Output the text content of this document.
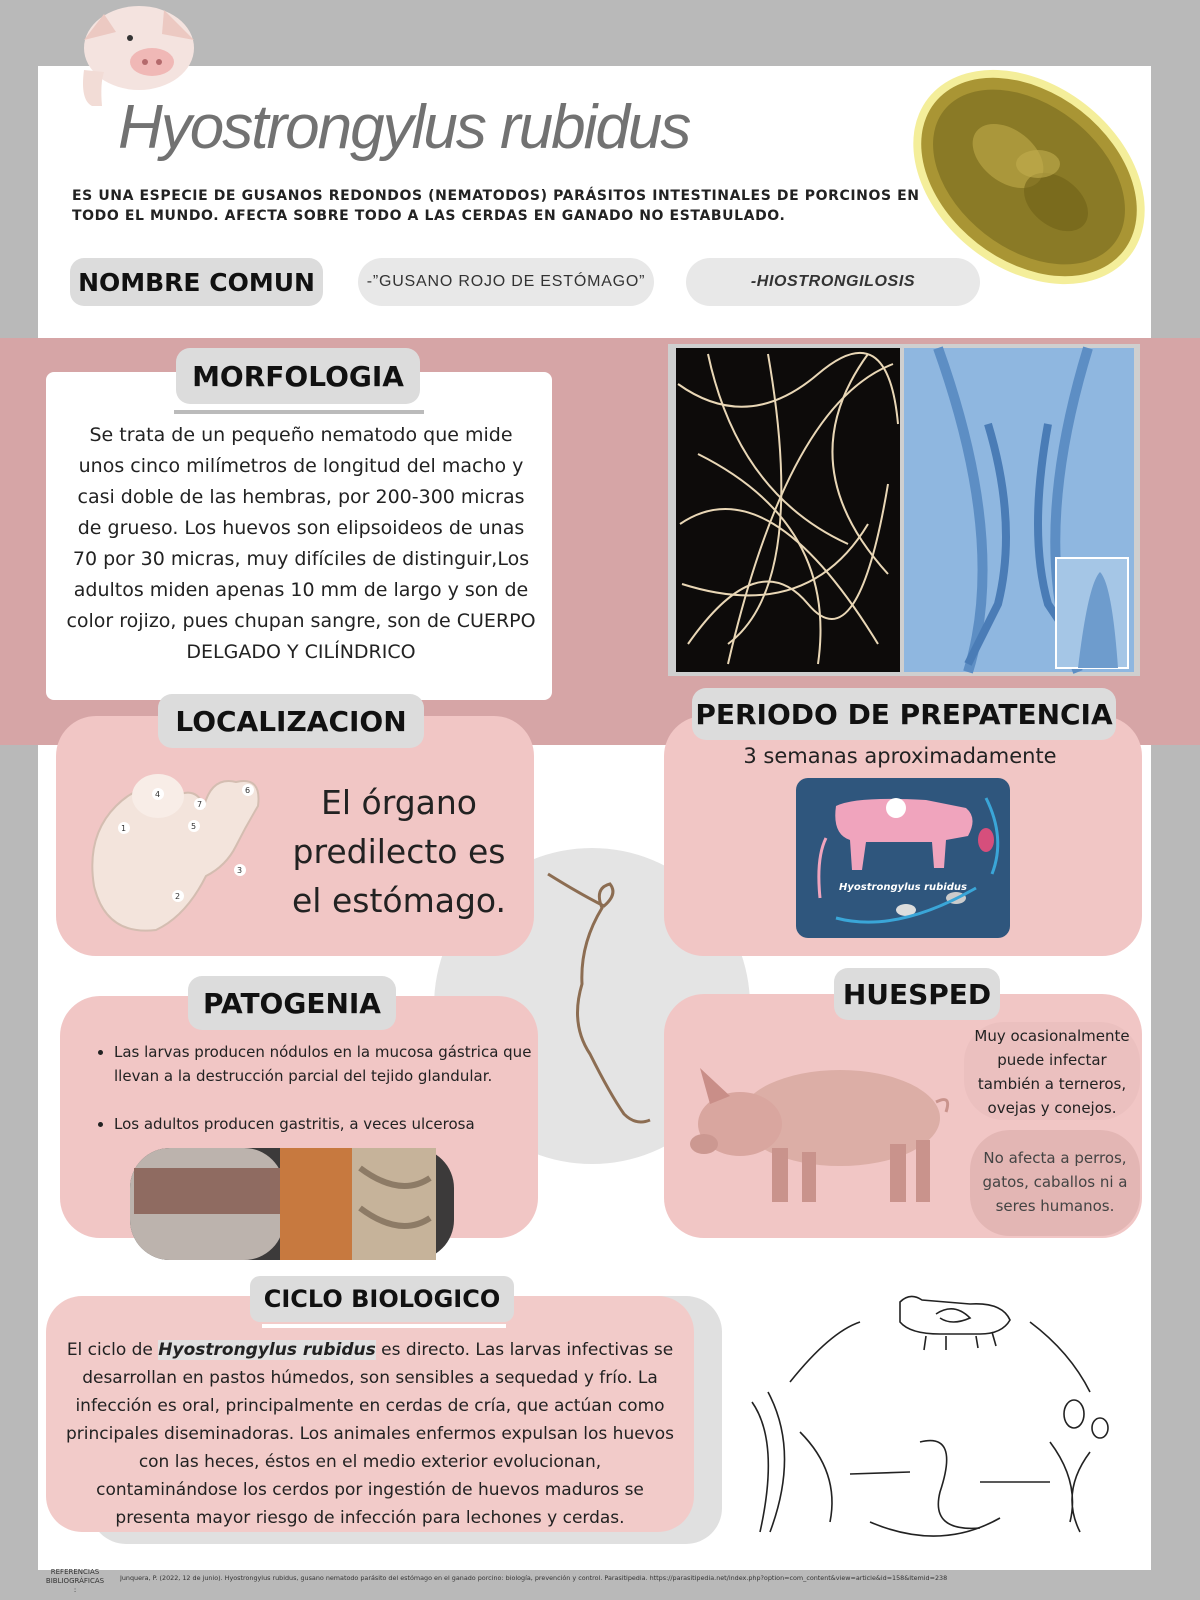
Hyostrongylus rubidus
ES UNA ESPECIE DE GUSANOS REDONDOS (NEMATODOS) PARÁSITOS INTESTINALES DE PORCINOS EN TODO EL MUNDO. AFECTA SOBRE TODO A LAS CERDAS EN GANADO NO ESTABULADO.
NOMBRE COMUN	-”GUSANO ROJO DE ESTÓMAGO”	-HIOSTRONGILOSIS
MORFOLOGIA
Se trata de un pequeño nematodo que mide unos cinco milímetros de longitud del macho y casi doble de las hembras, por 200-300 micras de grueso. Los huevos son elipsoideos de unas 70 por 30 micras, muy difíciles de distinguir,Los adultos miden apenas 10 mm de largo y son de color rojizo, pues chupan sangre, son de CUERPO DELGADO Y CILÍNDRICO
LOCALIZACION
1
2
3
4
5
6
7	El órgano predilecto es el estómago.
PERIODO DE PREPATENCIA
3 semanas aproximadamente
Hyostrongylus rubidus
PATOGENIA
• Las larvas producen nódulos en la mucosa gástrica que llevan a la destrucción parcial del tejido glandular.
• Los adultos producen gastritis, a veces ulcerosa
HUESPED
Muy ocasionalmente puede infectar también a terneros, ovejas y conejos.
No afecta a perros, gatos, caballos ni a seres humanos.
CICLO BIOLOGICO
El ciclo de Hyostrongylus rubidus es directo. Las larvas infectivas se desarrollan en pastos húmedos, son sensibles a sequedad y frío. La infección es oral, principalmente en cerdas de cría, que actúan como principales diseminadoras. Los animales enfermos expulsan los huevos con las heces, éstos en el medio exterior evolucionan, contaminándose los cerdos por ingestión de huevos maduros se presenta mayor riesgo de infección para lechones y cerdas.
REFERENCIAS BIBLIOGRÁFICAS :
Junquera, P. (2022, 12 de junio). Hyostrongylus rubidus, gusano nematodo parásito del estómago en el ganado porcino: biología, prevención y control. Parasitipedia. https://parasitipedia.net/index.php?option=com_content&view=article&id=158&Itemid=238
